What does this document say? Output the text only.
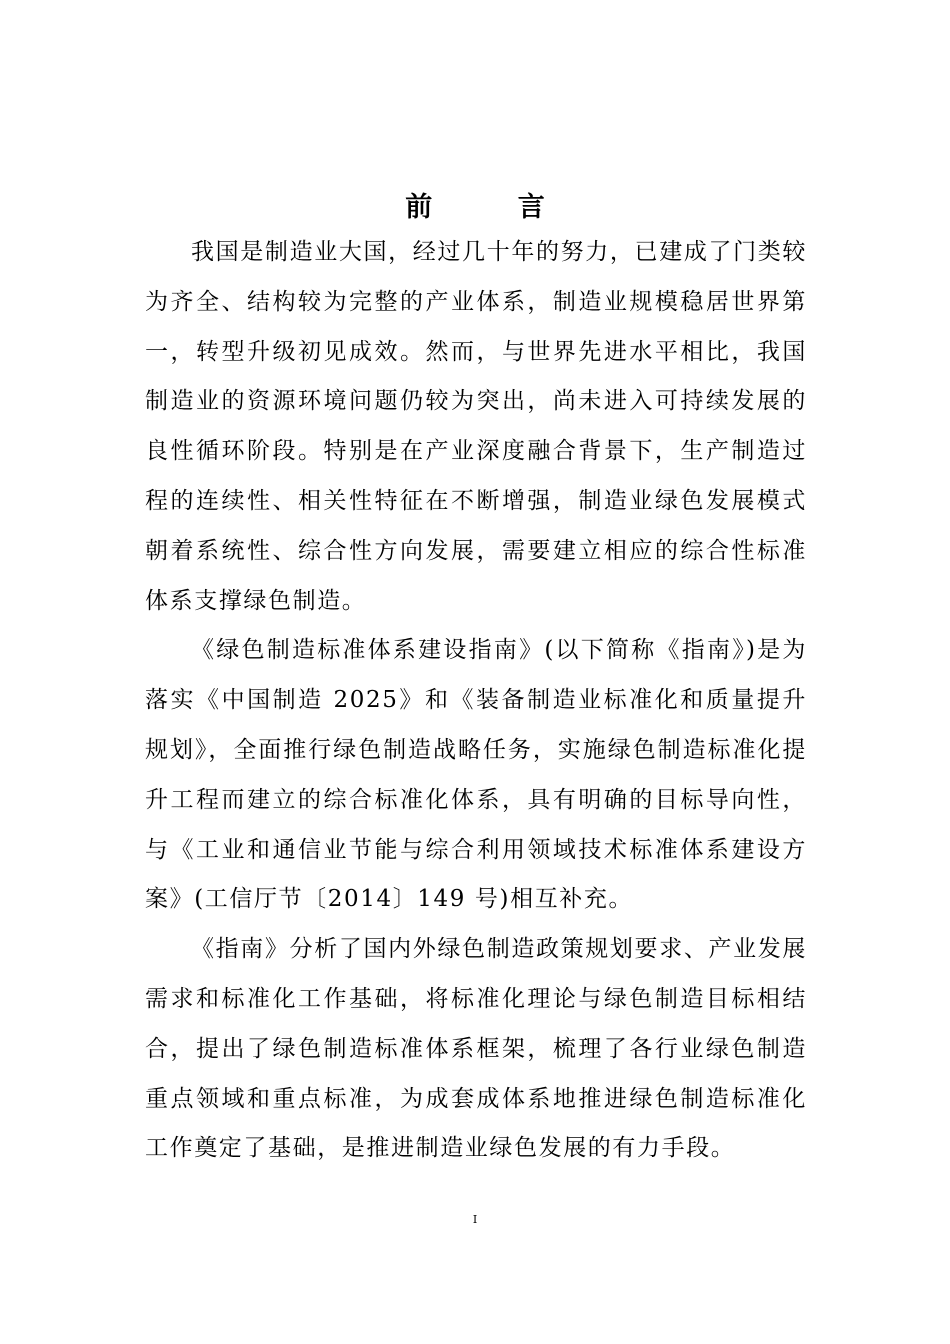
前 言

我国是制造业大国，经过几十年的努力，已建成了门类较为齐全、结构较为完整的产业体系，制造业规模稳居世界第一，转型升级初见成效。然而，与世界先进水平相比，我国制造业的资源环境问题仍较为突出，尚未进入可持续发展的良性循环阶段。特别是在产业深度融合背景下，生产制造过程的连续性、相关性特征在不断增强，制造业绿色发展模式朝着系统性、综合性方向发展，需要建立相应的综合性标准体系支撑绿色制造。

《绿色制造标准体系建设指南》(以下简称《指南》)是为落实《中国制造 2025》和《装备制造业标准化和质量提升规划》，全面推行绿色制造战略任务，实施绿色制造标准化提升工程而建立的综合标准化体系，具有明确的目标导向性，与《工业和通信业节能与综合利用领域技术标准体系建设方案》(工信厅节〔2014〕149 号)相互补充。

《指南》分析了国内外绿色制造政策规划要求、产业发展需求和标准化工作基础，将标准化理论与绿色制造目标相结合，提出了绿色制造标准体系框架，梳理了各行业绿色制造重点领域和重点标准，为成套成体系地推进绿色制造标准化工作奠定了基础，是推进制造业绿色发展的有力手段。

I
